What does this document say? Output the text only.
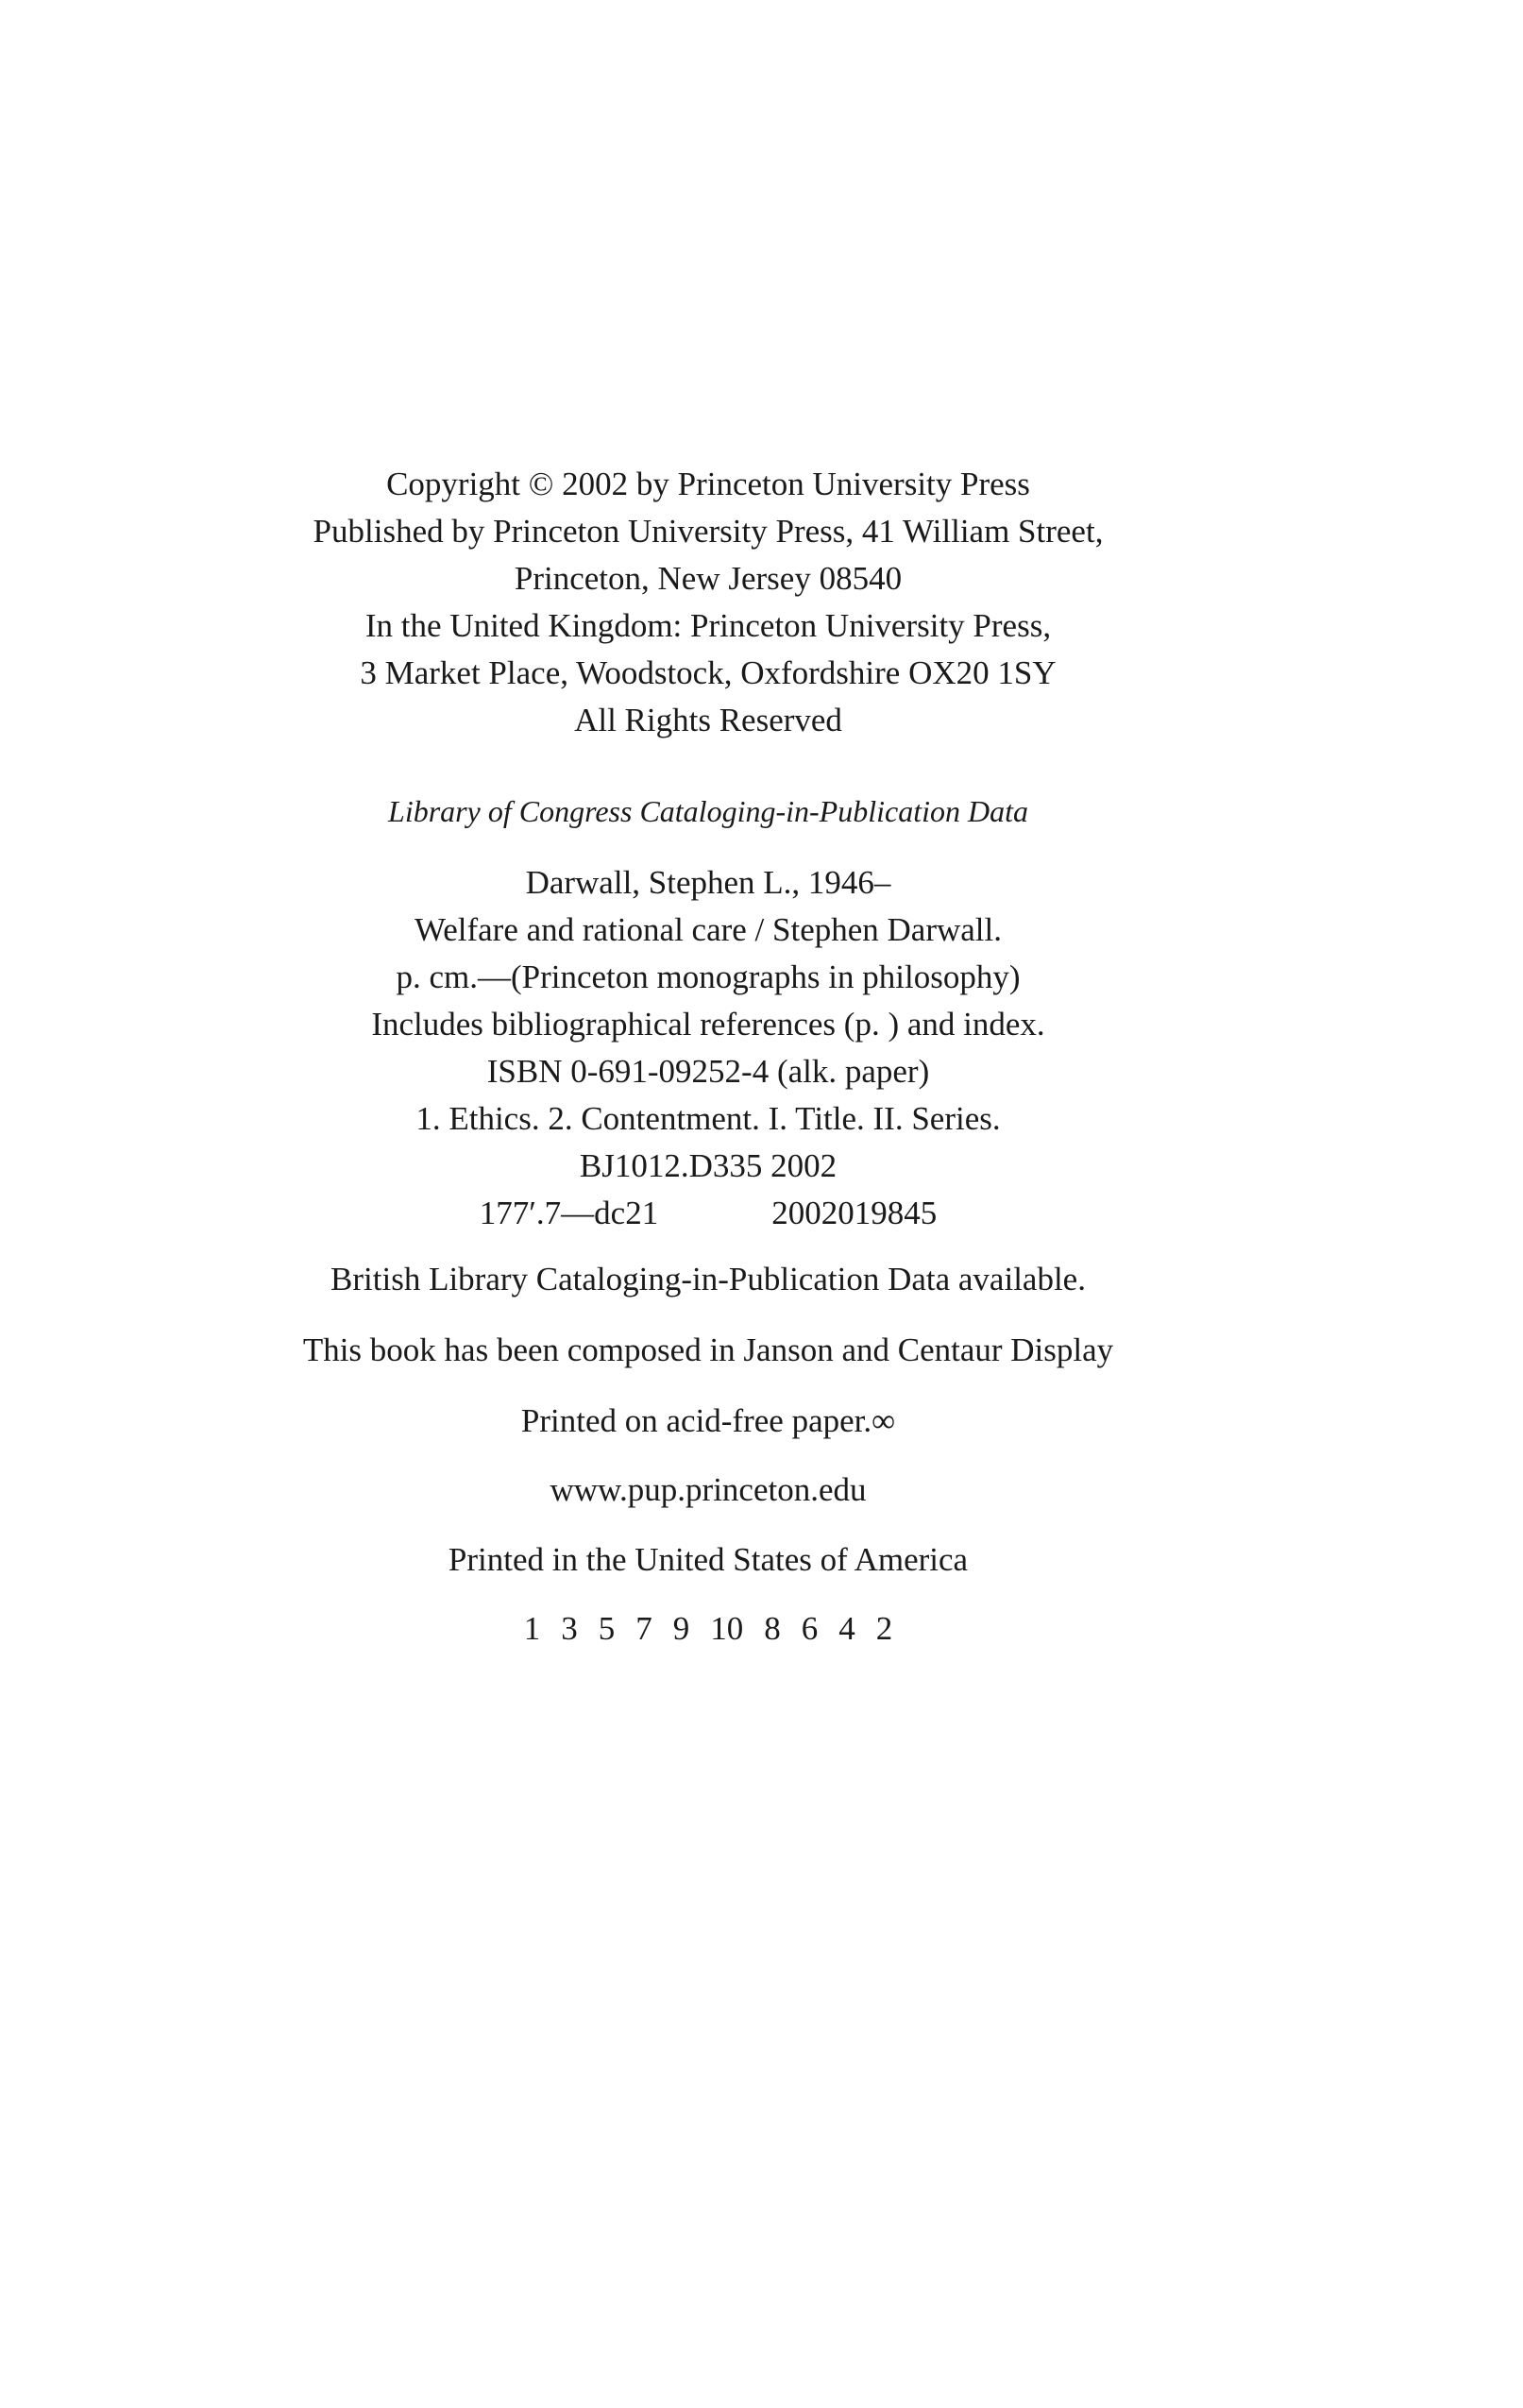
Copyright © 2002 by Princeton University Press
Published by Princeton University Press, 41 William Street,
Princeton, New Jersey 08540
In the United Kingdom: Princeton University Press,
3 Market Place, Woodstock, Oxfordshire OX20 1SY
All Rights Reserved
Library of Congress Cataloging-in-Publication Data
Darwall, Stephen L., 1946–
Welfare and rational care / Stephen Darwall.
p. cm.—(Princeton monographs in philosophy)
Includes bibliographical references (p. ) and index.
ISBN 0-691-09252-4 (alk. paper)
1. Ethics. 2. Contentment. I. Title. II. Series.
BJ1012.D335 2002
177′.7—dc21	2002019845
British Library Cataloging-in-Publication Data available.
This book has been composed in Janson and Centaur Display
Printed on acid-free paper.∞
www.pup.princeton.edu
Printed in the United States of America
1 3 5 7 9 10 8 6 4 2
